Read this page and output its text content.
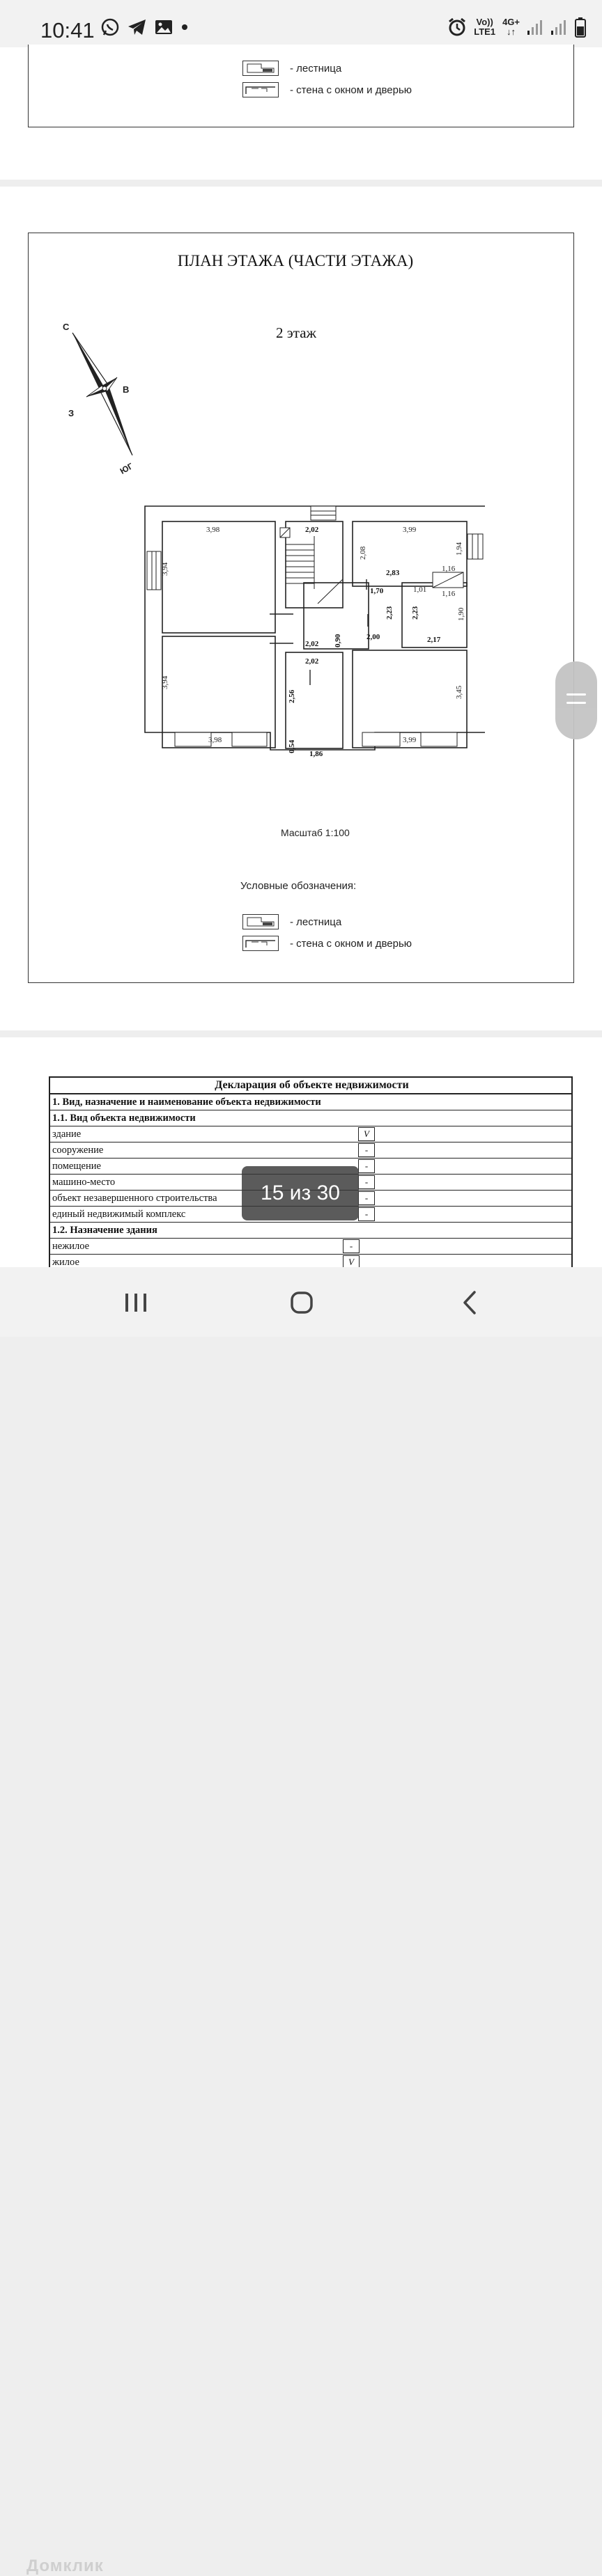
10:41	Vo))
LTE1
4G+
↓↑
- лестница
- стена с окном и дверью
ПЛАН ЭТАЖА (ЧАСТИ ЭТАЖА)
2 этаж
С
В
З
ЮГ
3,98
3,94
3,94
3,98
2,02	3,99
2,08	1,94
2,83	1,16
1,70	1,01 1,16
2,23 2,23	1,90
2,00	2,17
2,02 0,90
2,02
2,56	3,45
3,99
0,54
1,86
Масштаб 1:100
Условные обозначения:
- лестница
- стена с окном и дверью
Декларация об объекте недвижимости
1. Вид, назначение и наименование объекта недвижимости
1.1. Вид объекта недвижимости
здание	V
сооружение	-
помещение	-
машино-место	-
объект незавершенного строительства	-
единый недвижимый комплекс	-
1.2. Назначение здания
нежилое	-
жилое	V
15 из 30
Домклик
